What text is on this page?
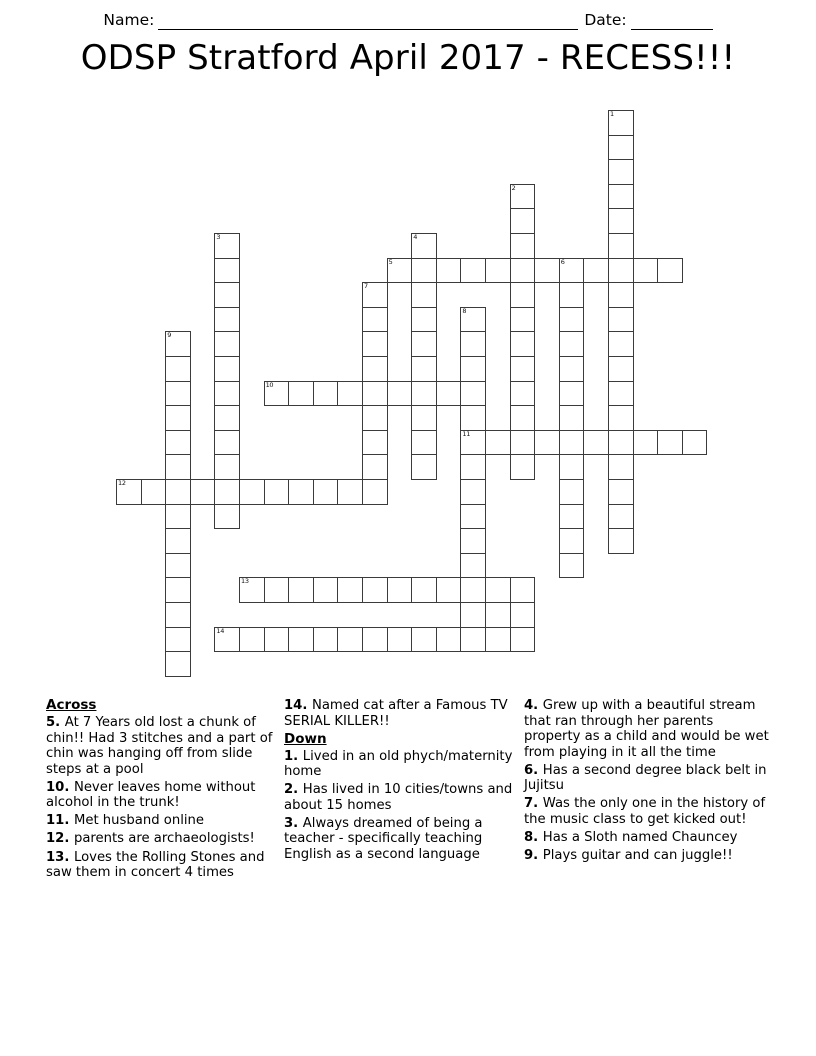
Name:	Date:
ODSP Stratford April 2017 - RECESS!!!
1
2
3	4
5	6
7
8
11
9
10
12
13
14
Across
5. At 7 Years old lost a chunk of chin!! Had 3 stitches and a part of chin was hanging off from slide steps at a pool
10. Never leaves home without alcohol in the trunk!
11. Met husband online
12. parents are archaeologists!
13. Loves the Rolling Stones and saw them in concert 4 times
14. Named cat after a Famous TV SERIAL KILLER!!
Down
1. Lived in an old phych/maternity home
2. Has lived in 10 cities/towns and about 15 homes
3. Always dreamed of being a teacher - specifically teaching English as a second language
4. Grew up with a beautiful stream that ran through her parents property as a child and would be wet from playing in it all the time
6. Has a second degree black belt in Jujitsu
7. Was the only one in the history of the music class to get kicked out!
8. Has a Sloth named Chauncey
9. Plays guitar and can juggle!!
